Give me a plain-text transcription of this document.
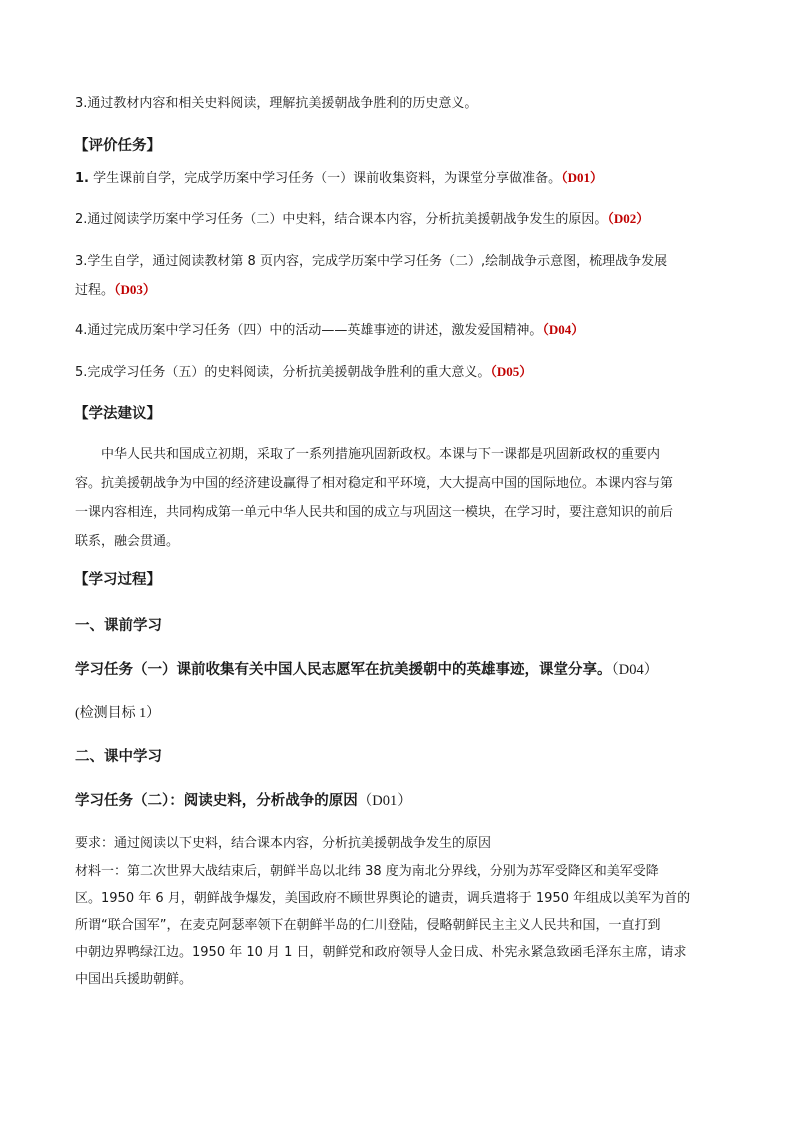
3.通过教材内容和相关史料阅读，理解抗美援朝战争胜利的历史意义。
【评价任务】
1. 学生课前自学，完成学历案中学习任务（一）课前收集资料，为课堂分享做准备。（D01）
2.通过阅读学历案中学习任务（二）中史料，结合课本内容，分析抗美援朝战争发生的原因。（D02）
3.学生自学，通过阅读教材第 8 页内容，完成学历案中学习任务（二）,绘制战争示意图，梳理战争发展
过程。（D03）
4.通过完成历案中学习任务（四）中的活动——英雄事迹的讲述，激发爱国精神。（D04）
5.完成学习任务（五）的史料阅读，分析抗美援朝战争胜利的重大意义。（D05）
【学法建议】
中华人民共和国成立初期，采取了一系列措施巩固新政权。本课与下一课都是巩固新政权的重要内
容。抗美援朝战争为中国的经济建设赢得了相对稳定和平环境，大大提高中国的国际地位。本课内容与第
一课内容相连，共同构成第一单元中华人民共和国的成立与巩固这一模块，在学习时，要注意知识的前后
联系，融会贯通。
【学习过程】
一、课前学习
学习任务（一）课前收集有关中国人民志愿军在抗美援朝中的英雄事迹，课堂分享。（D04）
(检测目标 1）
二、课中学习
学习任务（二）：阅读史料，分析战争的原因（D01）
要求：通过阅读以下史料，结合课本内容，分析抗美援朝战争发生的原因
材料一：第二次世界大战结束后，朝鲜半岛以北纬 38 度为南北分界线，分别为苏军受降区和美军受降
区。1950 年 6 月，朝鲜战争爆发，美国政府不顾世界舆论的谴责，调兵遣将于 1950 年组成以美军为首的
所谓“联合国军”，在麦克阿瑟率领下在朝鲜半岛的仁川登陆，侵略朝鲜民主主义人民共和国，一直打到
中朝边界鸭绿江边。1950 年 10 月 1 日，朝鲜党和政府领导人金日成、朴宪永紧急致函毛泽东主席，请求
中国出兵援助朝鲜。
